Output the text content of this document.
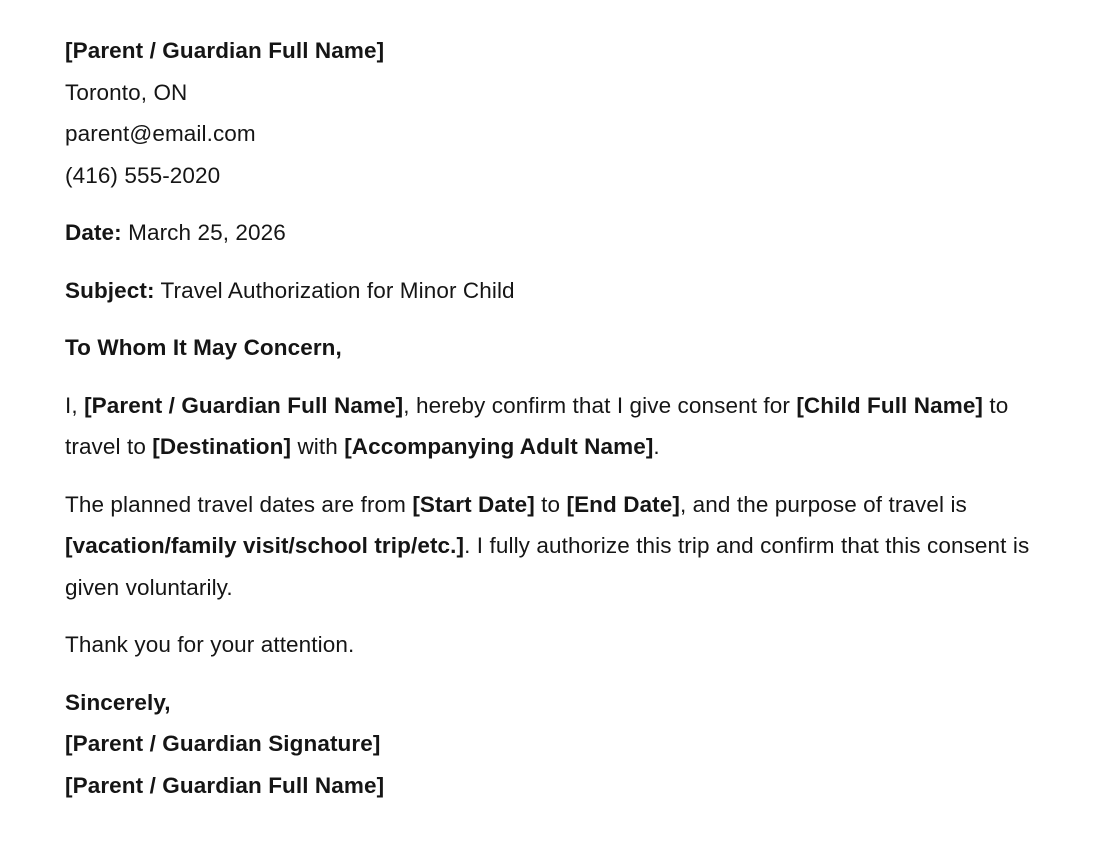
[Parent / Guardian Full Name]

Toronto, ON

parent@email.com

(416) 555-2020

Date: March 25, 2026

Subject: Travel Authorization for Minor Child

To Whom It May Concern,

I, [Parent / Guardian Full Name], hereby confirm that I give consent for [Child Full Name] to travel to [Destination] with [Accompanying Adult Name].

The planned travel dates are from [Start Date] to [End Date], and the purpose of travel is [vacation/family visit/school trip/etc.]. I fully authorize this trip and confirm that this consent is given voluntarily.

Thank you for your attention.

Sincerely,

[Parent / Guardian Signature]

[Parent / Guardian Full Name]
